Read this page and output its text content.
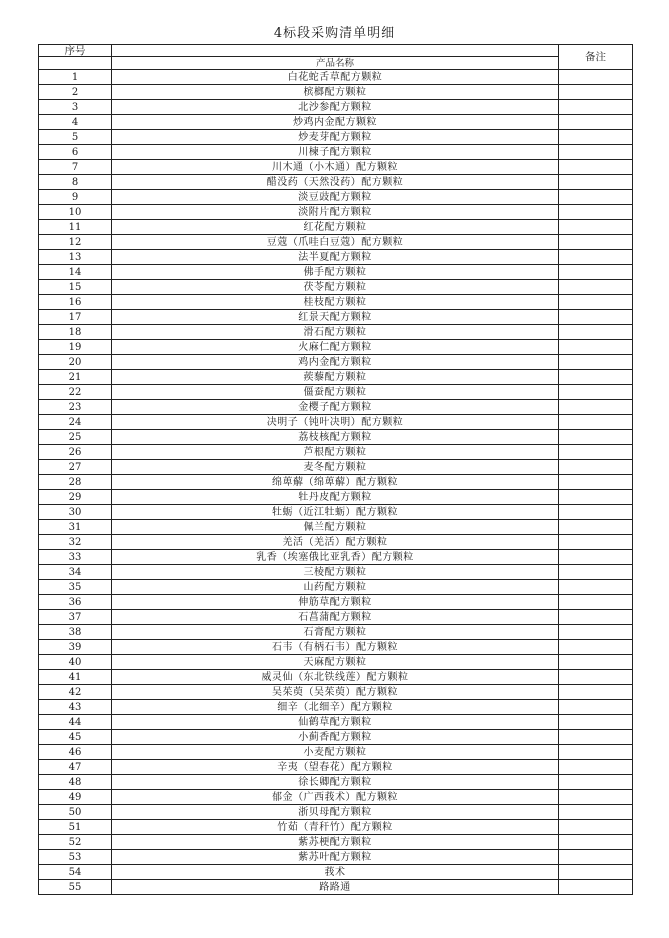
4标段采购清单明细
序号		备注
	产品名称	
1	白花蛇舌草配方颗粒	
2	槟榔配方颗粒	
3	北沙参配方颗粒	
4	炒鸡内金配方颗粒	
5	炒麦芽配方颗粒	
6	川楝子配方颗粒	
7	川木通（小木通）配方颗粒	
8	醋没药（天然没药）配方颗粒	
9	淡豆豉配方颗粒	
10	淡附片配方颗粒	
11	红花配方颗粒	
12	豆蔻（爪哇白豆蔻）配方颗粒	
13	法半夏配方颗粒	
14	佛手配方颗粒	
15	茯苓配方颗粒	
16	桂枝配方颗粒	
17	红景天配方颗粒	
18	滑石配方颗粒	
19	火麻仁配方颗粒	
20	鸡内金配方颗粒	
21	蒺藜配方颗粒	
22	僵蚕配方颗粒	
23	金樱子配方颗粒	
24	决明子（钝叶决明）配方颗粒	
25	荔枝核配方颗粒	
26	芦根配方颗粒	
27	麦冬配方颗粒	
28	绵萆薢（绵萆薢）配方颗粒	
29	牡丹皮配方颗粒	
30	牡蛎（近江牡蛎）配方颗粒	
31	佩兰配方颗粒	
32	羌活（羌活）配方颗粒	
33	乳香（埃塞俄比亚乳香）配方颗粒	
34	三棱配方颗粒	
35	山药配方颗粒	
36	伸筋草配方颗粒	
37	石菖蒲配方颗粒	
38	石膏配方颗粒	
39	石韦（有柄石韦）配方颗粒	
40	天麻配方颗粒	
41	威灵仙（东北铁线莲）配方颗粒	
42	吴茱萸（吴茱萸）配方颗粒	
43	细辛（北细辛）配方颗粒	
44	仙鹤草配方颗粒	
45	小蓟香配方颗粒	
46	小麦配方颗粒	
47	辛夷（望春花）配方颗粒	
48	徐长卿配方颗粒	
49	郁金（广西莪术）配方颗粒	
50	浙贝母配方颗粒	
51	竹茹（青秆竹）配方颗粒	
52	紫苏梗配方颗粒	
53	紫苏叶配方颗粒	
54	莪术	
55	路路通	
